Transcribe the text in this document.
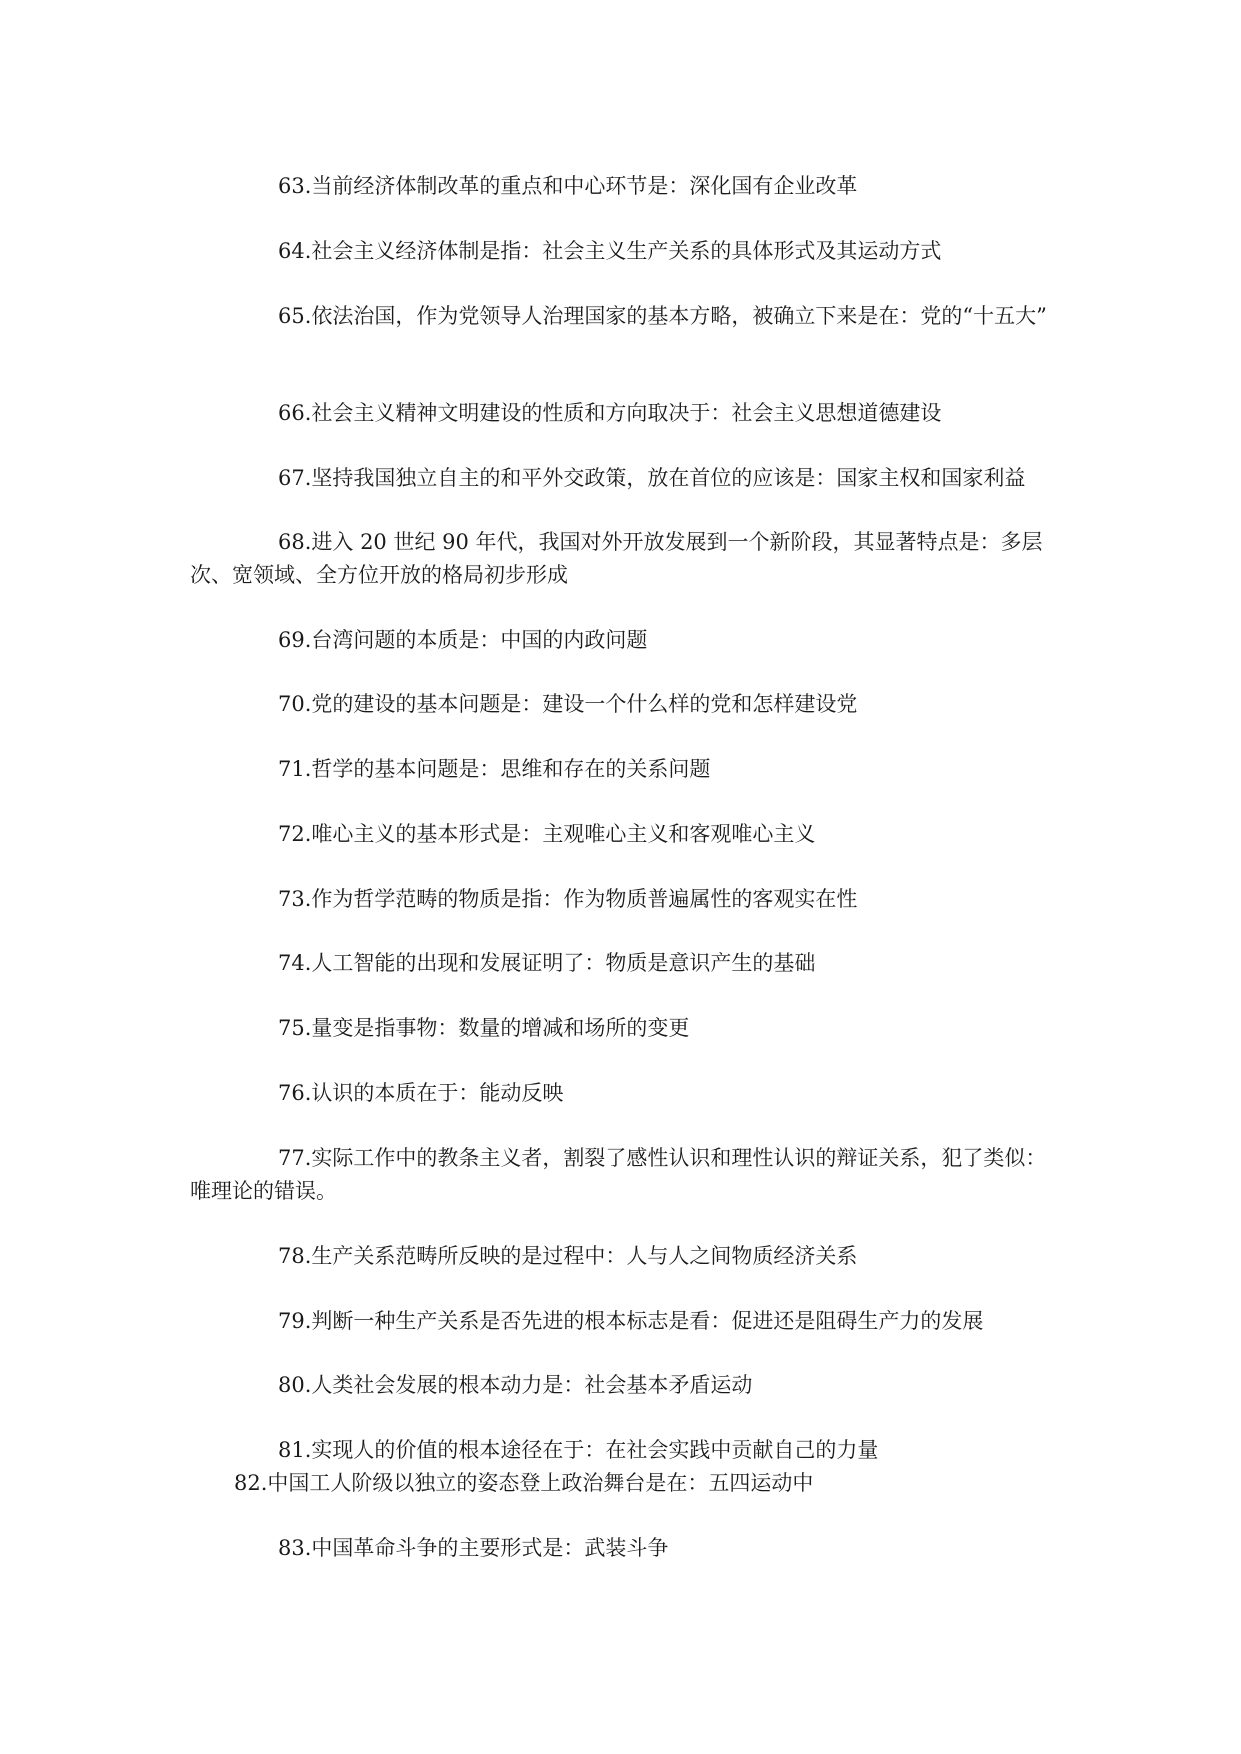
63.当前经济体制改革的重点和中心环节是：深化国有企业改革

64.社会主义经济体制是指：社会主义生产关系的具体形式及其运动方式

65.依法治国，作为党领导人治理国家的基本方略，被确立下来是在：党的“十五大”

66.社会主义精神文明建设的性质和方向取决于：社会主义思想道德建设

67.坚持我国独立自主的和平外交政策，放在首位的应该是：国家主权和国家利益

68.进入 20 世纪 90 年代，我国对外开放发展到一个新阶段，其显著特点是：多层次、宽领域、全方位开放的格局初步形成

69.台湾问题的本质是：中国的内政问题

70.党的建设的基本问题是：建设一个什么样的党和怎样建设党

71.哲学的基本问题是：思维和存在的关系问题

72.唯心主义的基本形式是：主观唯心主义和客观唯心主义

73.作为哲学范畴的物质是指：作为物质普遍属性的客观实在性

74.人工智能的出现和发展证明了：物质是意识产生的基础

75.量变是指事物：数量的增减和场所的变更

76.认识的本质在于：能动反映

77.实际工作中的教条主义者，割裂了感性认识和理性认识的辩证关系，犯了类似：唯理论的错误。

78.生产关系范畴所反映的是过程中：人与人之间物质经济关系

79.判断一种生产关系是否先进的根本标志是看：促进还是阻碍生产力的发展

80.人类社会发展的根本动力是：社会基本矛盾运动

81.实现人的价值的根本途径在于：在社会实践中贡献自己的力量

82.中国工人阶级以独立的姿态登上政治舞台是在：五四运动中

83.中国革命斗争的主要形式是：武装斗争
